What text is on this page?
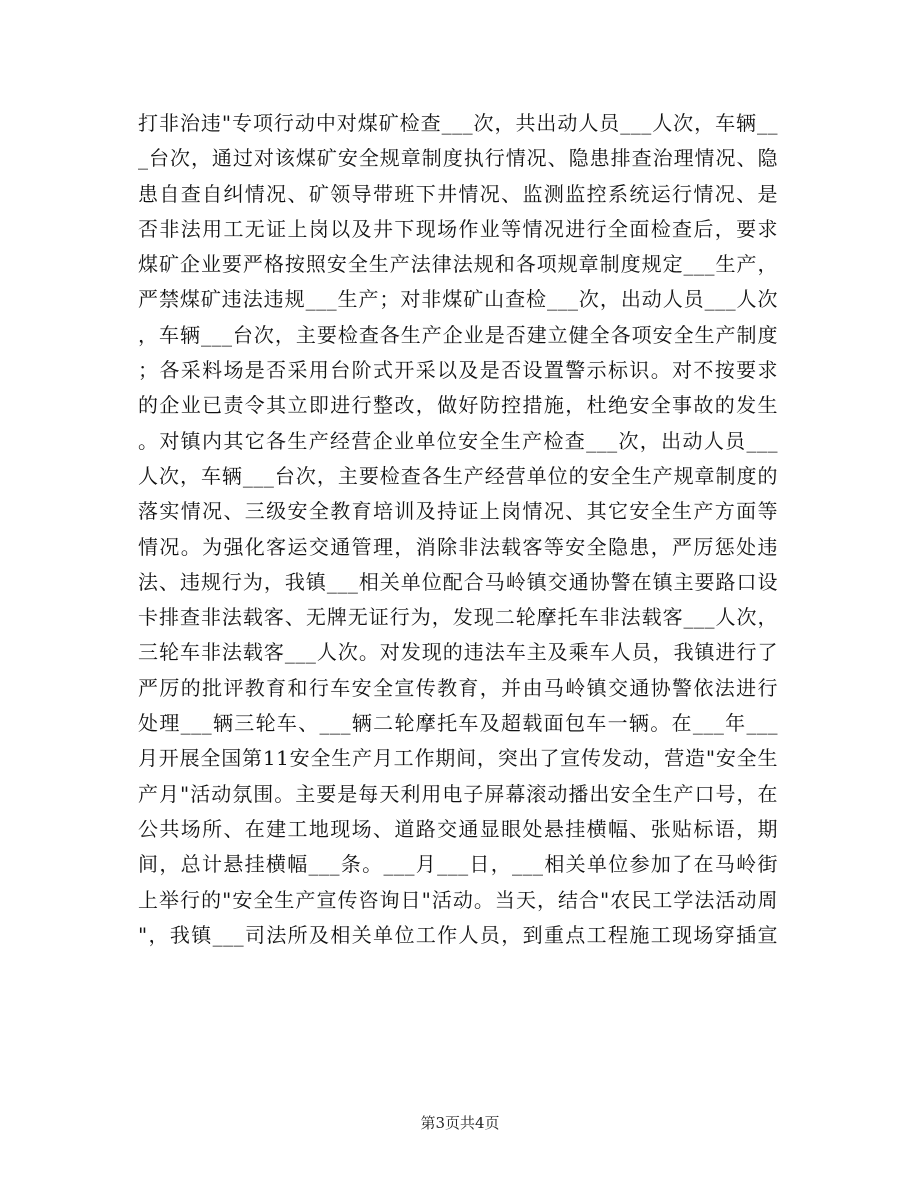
打非治违"专项行动中对煤矿检查___次，共出动人员___人次，车辆__
_台次，通过对该煤矿安全规章制度执行情况、隐患排查治理情况、隐
患自查自纠情况、矿领导带班下井情况、监测监控系统运行情况、是
否非法用工无证上岗以及井下现场作业等情况进行全面检查后，要求
煤矿企业要严格按照安全生产法律法规和各项规章制度规定___生产，
严禁煤矿违法违规___生产；对非煤矿山查检___次，出动人员___人次
，车辆___台次，主要检查各生产企业是否建立健全各项安全生产制度
；各采料场是否采用台阶式开采以及是否设置警示标识。对不按要求
的企业已责令其立即进行整改，做好防控措施，杜绝安全事故的发生
。对镇内其它各生产经营企业单位安全生产检查___次，出动人员___
人次，车辆___台次，主要检查各生产经营单位的安全生产规章制度的
落实情况、三级安全教育培训及持证上岗情况、其它安全生产方面等
情况。为强化客运交通管理，消除非法载客等安全隐患，严厉惩处违
法、违规行为，我镇___相关单位配合马岭镇交通协警在镇主要路口设
卡排查非法载客、无牌无证行为，发现二轮摩托车非法载客___人次，
三轮车非法载客___人次。对发现的违法车主及乘车人员，我镇进行了
严厉的批评教育和行车安全宣传教育，并由马岭镇交通协警依法进行
处理___辆三轮车、___辆二轮摩托车及超载面包车一辆。在___年___
月开展全国第11安全生产月工作期间，突出了宣传发动，营造"安全生
产月"活动氛围。主要是每天利用电子屏幕滚动播出安全生产口号，在
公共场所、在建工地现场、道路交通显眼处悬挂横幅、张贴标语，期
间，总计悬挂横幅___条。___月___日，___相关单位参加了在马岭街
上举行的"安全生产宣传咨询日"活动。当天，结合"农民工学法活动周
"，我镇___司法所及相关单位工作人员，到重点工程施工现场穿插宣
第3页共4页
